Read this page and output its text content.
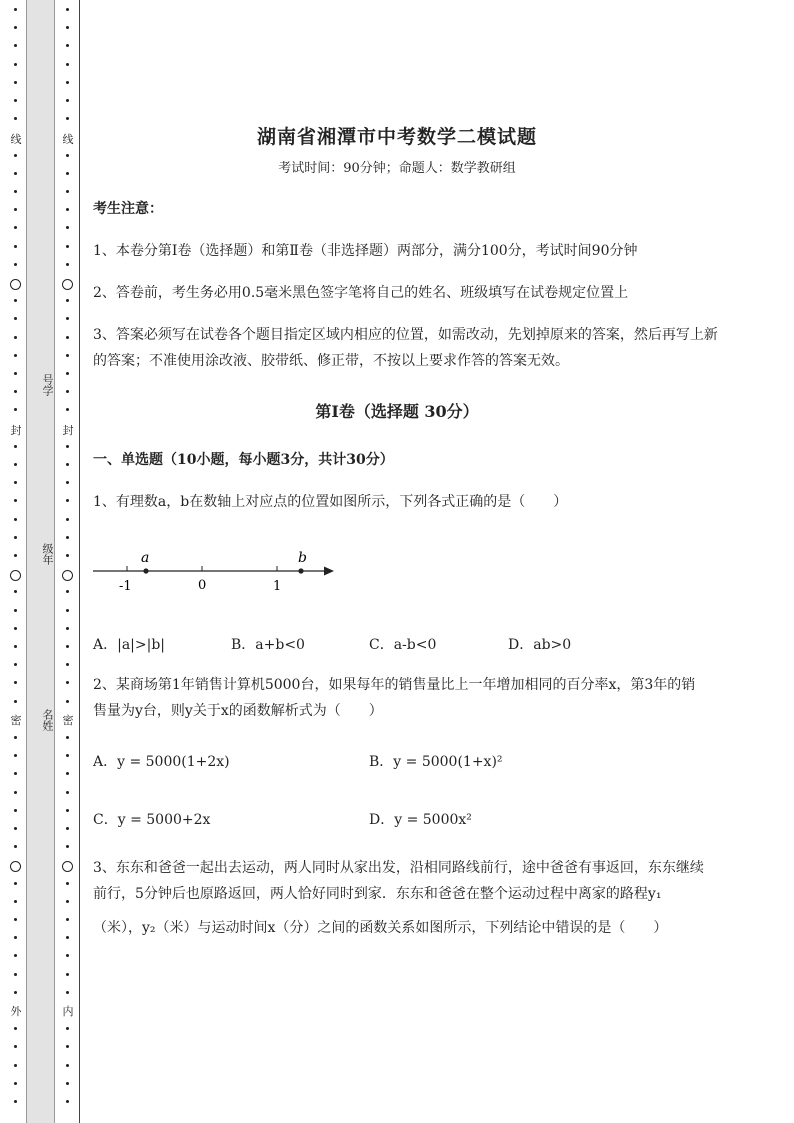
线
封
密
外
号学
级年
名姓
线
封
密
内
湖南省湘潭市中考数学二模试题
考试时间：90分钟；命题人：数学教研组
考生注意：
1、本卷分第I卷（选择题）和第Ⅱ卷（非选择题）两部分，满分100分，考试时间90分钟
2、答卷前，考生务必用0.5毫米黑色签字笔将自己的姓名、班级填写在试卷规定位置上
3、答案必须写在试卷各个题目指定区域内相应的位置，如需改动，先划掉原来的答案，然后再写上新
的答案；不准使用涂改液、胶带纸、修正带，不按以上要求作答的答案无效。
第I卷（选择题 30分）
一、单选题（10小题，每小题3分，共计30分）
1、有理数a，b在数轴上对应点的位置如图所示，下列各式正确的是（　　）
a	b
-1	0	1
A．|a|>|b|	B．a+b<0	C．a-b<0	D．ab>0
2、某商场第1年销售计算机5000台，如果每年的销售量比上一年增加相同的百分率x，第3年的销
售量为y台，则y关于x的函数解析式为（　　）
A．y = 5000(1+2x)	B．y = 5000(1+x)²
C．y = 5000+2x	D．y = 5000x²
3、东东和爸爸一起出去运动，两人同时从家出发，沿相同路线前行，途中爸爸有事返回，东东继续
前行，5分钟后也原路返回，两人恰好同时到家．东东和爸爸在整个运动过程中离家的路程y₁
（米），y₂（米）与运动时间x（分）之间的函数关系如图所示，下列结论中错误的是（　　）
